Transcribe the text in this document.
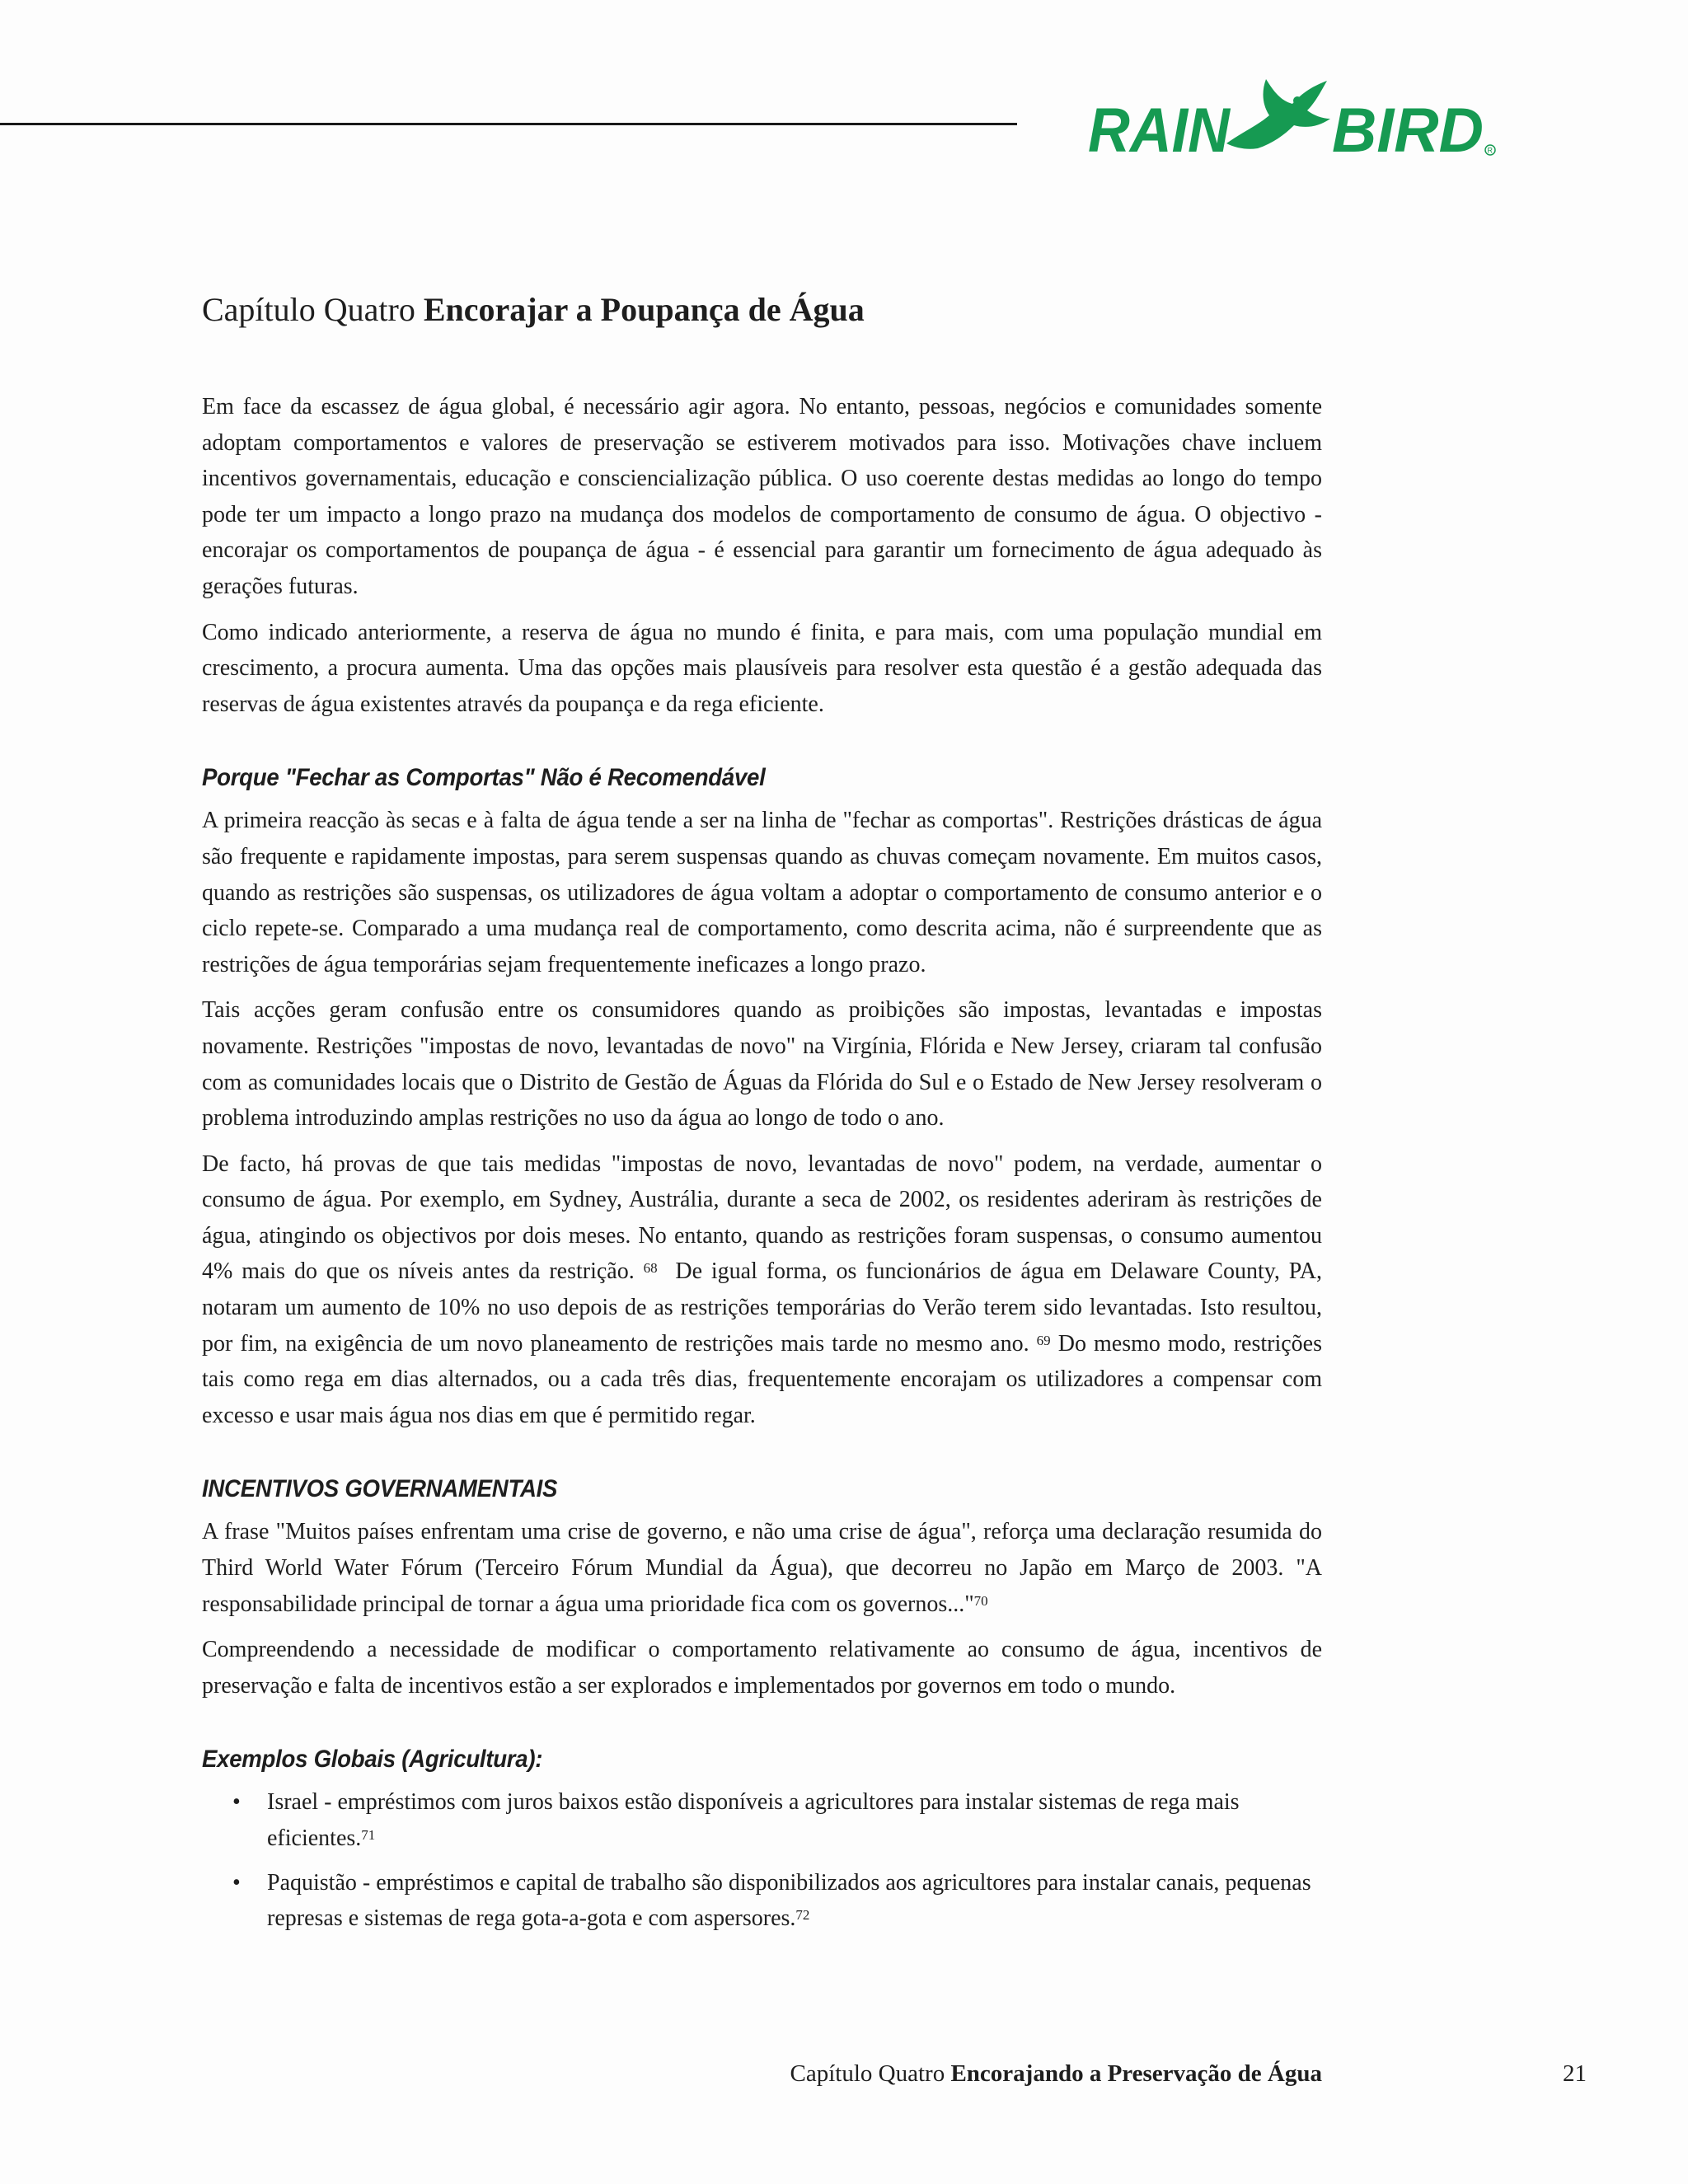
RAIN BIRD R
Capítulo Quatro Encorajar a Poupança de Água

Em face da escassez de água global, é necessário agir agora. No entanto, pessoas, negócios e comunidades somente adoptam comportamentos e valores de preservação se estiverem motivados para isso. Motivações chave incluem incentivos governamentais, educação e consciencialização pública. O uso coerente destas medidas ao longo do tempo pode ter um impacto a longo prazo na mudança dos modelos de comportamento de consumo de água. O objectivo - encorajar os comportamentos de poupança de água - é essencial para garantir um fornecimento de água adequado às gerações futuras.

Como indicado anteriormente, a reserva de água no mundo é finita, e para mais, com uma população mundial em crescimento, a procura aumenta. Uma das opções mais plausíveis para resolver esta questão é a gestão adequada das reservas de água existentes através da poupança e da rega eficiente.

Porque "Fechar as Comportas" Não é Recomendável

A primeira reacção às secas e à falta de água tende a ser na linha de "fechar as comportas". Restrições drásticas de água são frequente e rapidamente impostas, para serem suspensas quando as chuvas começam novamente. Em muitos casos, quando as restrições são suspensas, os utilizadores de água voltam a adoptar o comportamento de consumo anterior e o ciclo repete-se. Comparado a uma mudança real de comportamento, como descrita acima, não é surpreendente que as restrições de água temporárias sejam frequentemente ineficazes a longo prazo.

Tais acções geram confusão entre os consumidores quando as proibições são impostas, levantadas e impostas novamente. Restrições "impostas de novo, levantadas de novo" na Virgínia, Flórida e New Jersey, criaram tal confusão com as comunidades locais que o Distrito de Gestão de Águas da Flórida do Sul e o Estado de New Jersey resolveram o problema introduzindo amplas restrições no uso da água ao longo de todo o ano.

De facto, há provas de que tais medidas "impostas de novo, levantadas de novo" podem, na verdade, aumentar o consumo de água. Por exemplo, em Sydney, Austrália, durante a seca de 2002, os residentes aderiram às restrições de água, atingindo os objectivos por dois meses. No entanto, quando as restrições foram suspensas, o consumo aumentou 4% mais do que os níveis antes da restrição. $^{68}$ De igual forma, os funcionários de água em Delaware County, PA, notaram um aumento de 10% no uso depois de as restrições temporárias do Verão terem sido levantadas. Isto resultou, por fim, na exigência de um novo planeamento de restrições mais tarde no mesmo ano. $^{69}$ Do mesmo modo, restrições tais como rega em dias alternados, ou a cada três dias, frequentemente encorajam os utilizadores a compensar com excesso e usar mais água nos dias em que é permitido regar.

INCENTIVOS GOVERNAMENTAIS

A frase "Muitos países enfrentam uma crise de governo, e não uma crise de água", reforça uma declaração resumida do Third World Water Fórum (Terceiro Fórum Mundial da Água), que decorreu no Japão em Março de 2003. "A responsabilidade principal de tornar a água uma prioridade fica com os governos..."$^{70}$

Compreendendo a necessidade de modificar o comportamento relativamente ao consumo de água, incentivos de preservação e falta de incentivos estão a ser explorados e implementados por governos em todo o mundo.

Exemplos Globais (Agricultura):
• Israel - empréstimos com juros baixos estão disponíveis a agricultores para instalar sistemas de rega mais eficientes.$^{71}$
• Paquistão - empréstimos e capital de trabalho são disponibilizados aos agricultores para instalar canais, pequenas represas e sistemas de rega gota-a-gota e com aspersores.$^{72}$
Capítulo Quatro Encorajando a Preservação de Água	21
